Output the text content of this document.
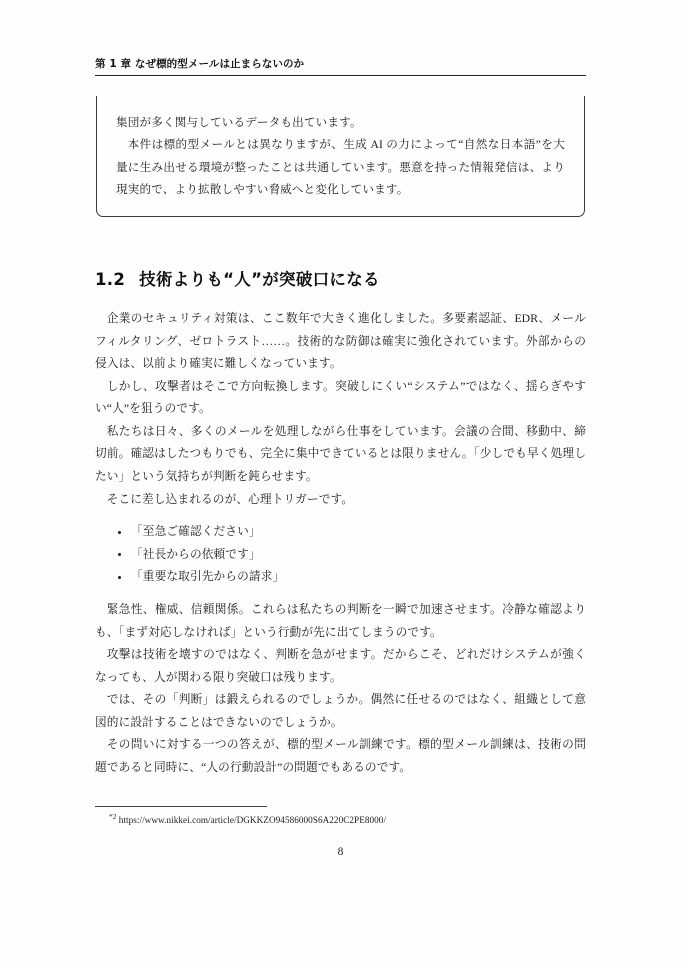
第 1 章 なぜ標的型メールは止まらないのか

集団が多く関与しているデータも出ています。

本件は標的型メールとは異なりますが、生成 AI の力によって“自然な日本語”を大量に生み出せる環境が整ったことは共通しています。悪意を持った情報発信は、より現実的で、より拡散しやすい脅威へと変化しています。

1.2 技術よりも“人”が突破口になる

企業のセキュリティ対策は、ここ数年で大きく進化しました。多要素認証、EDR、メールフィルタリング、ゼロトラスト……。技術的な防御は確実に強化されています。外部からの侵入は、以前より確実に難しくなっています。

しかし、攻撃者はそこで方向転換します。突破しにくい“システム”ではなく、揺らぎやすい“人”を狙うのです。

私たちは日々、多くのメールを処理しながら仕事をしています。会議の合間、移動中、締切前。確認はしたつもりでも、完全に集中できているとは限りません。「少しでも早く処理したい」という気持ちが判断を鈍らせます。

そこに差し込まれるのが、心理トリガーです。

「至急ご確認ください」
「社長からの依頼です」
「重要な取引先からの請求」

緊急性、権威、信頼関係。これらは私たちの判断を一瞬で加速させます。冷静な確認よりも、「まず対応しなければ」という行動が先に出てしまうのです。

攻撃は技術を壊すのではなく、判断を急がせます。だからこそ、どれだけシステムが強くなっても、人が関わる限り突破口は残ります。

では、その「判断」は鍛えられるのでしょうか。偶然に任せるのではなく、組織として意図的に設計することはできないのでしょうか。

その問いに対する一つの答えが、標的型メール訓練です。標的型メール訓練は、技術の問題であると同時に、“人の行動設計”の問題でもあるのです。

$^{*2}$ https://www.nikkei.com/article/DGKKZO94586000S6A220C2PE8000/
8
